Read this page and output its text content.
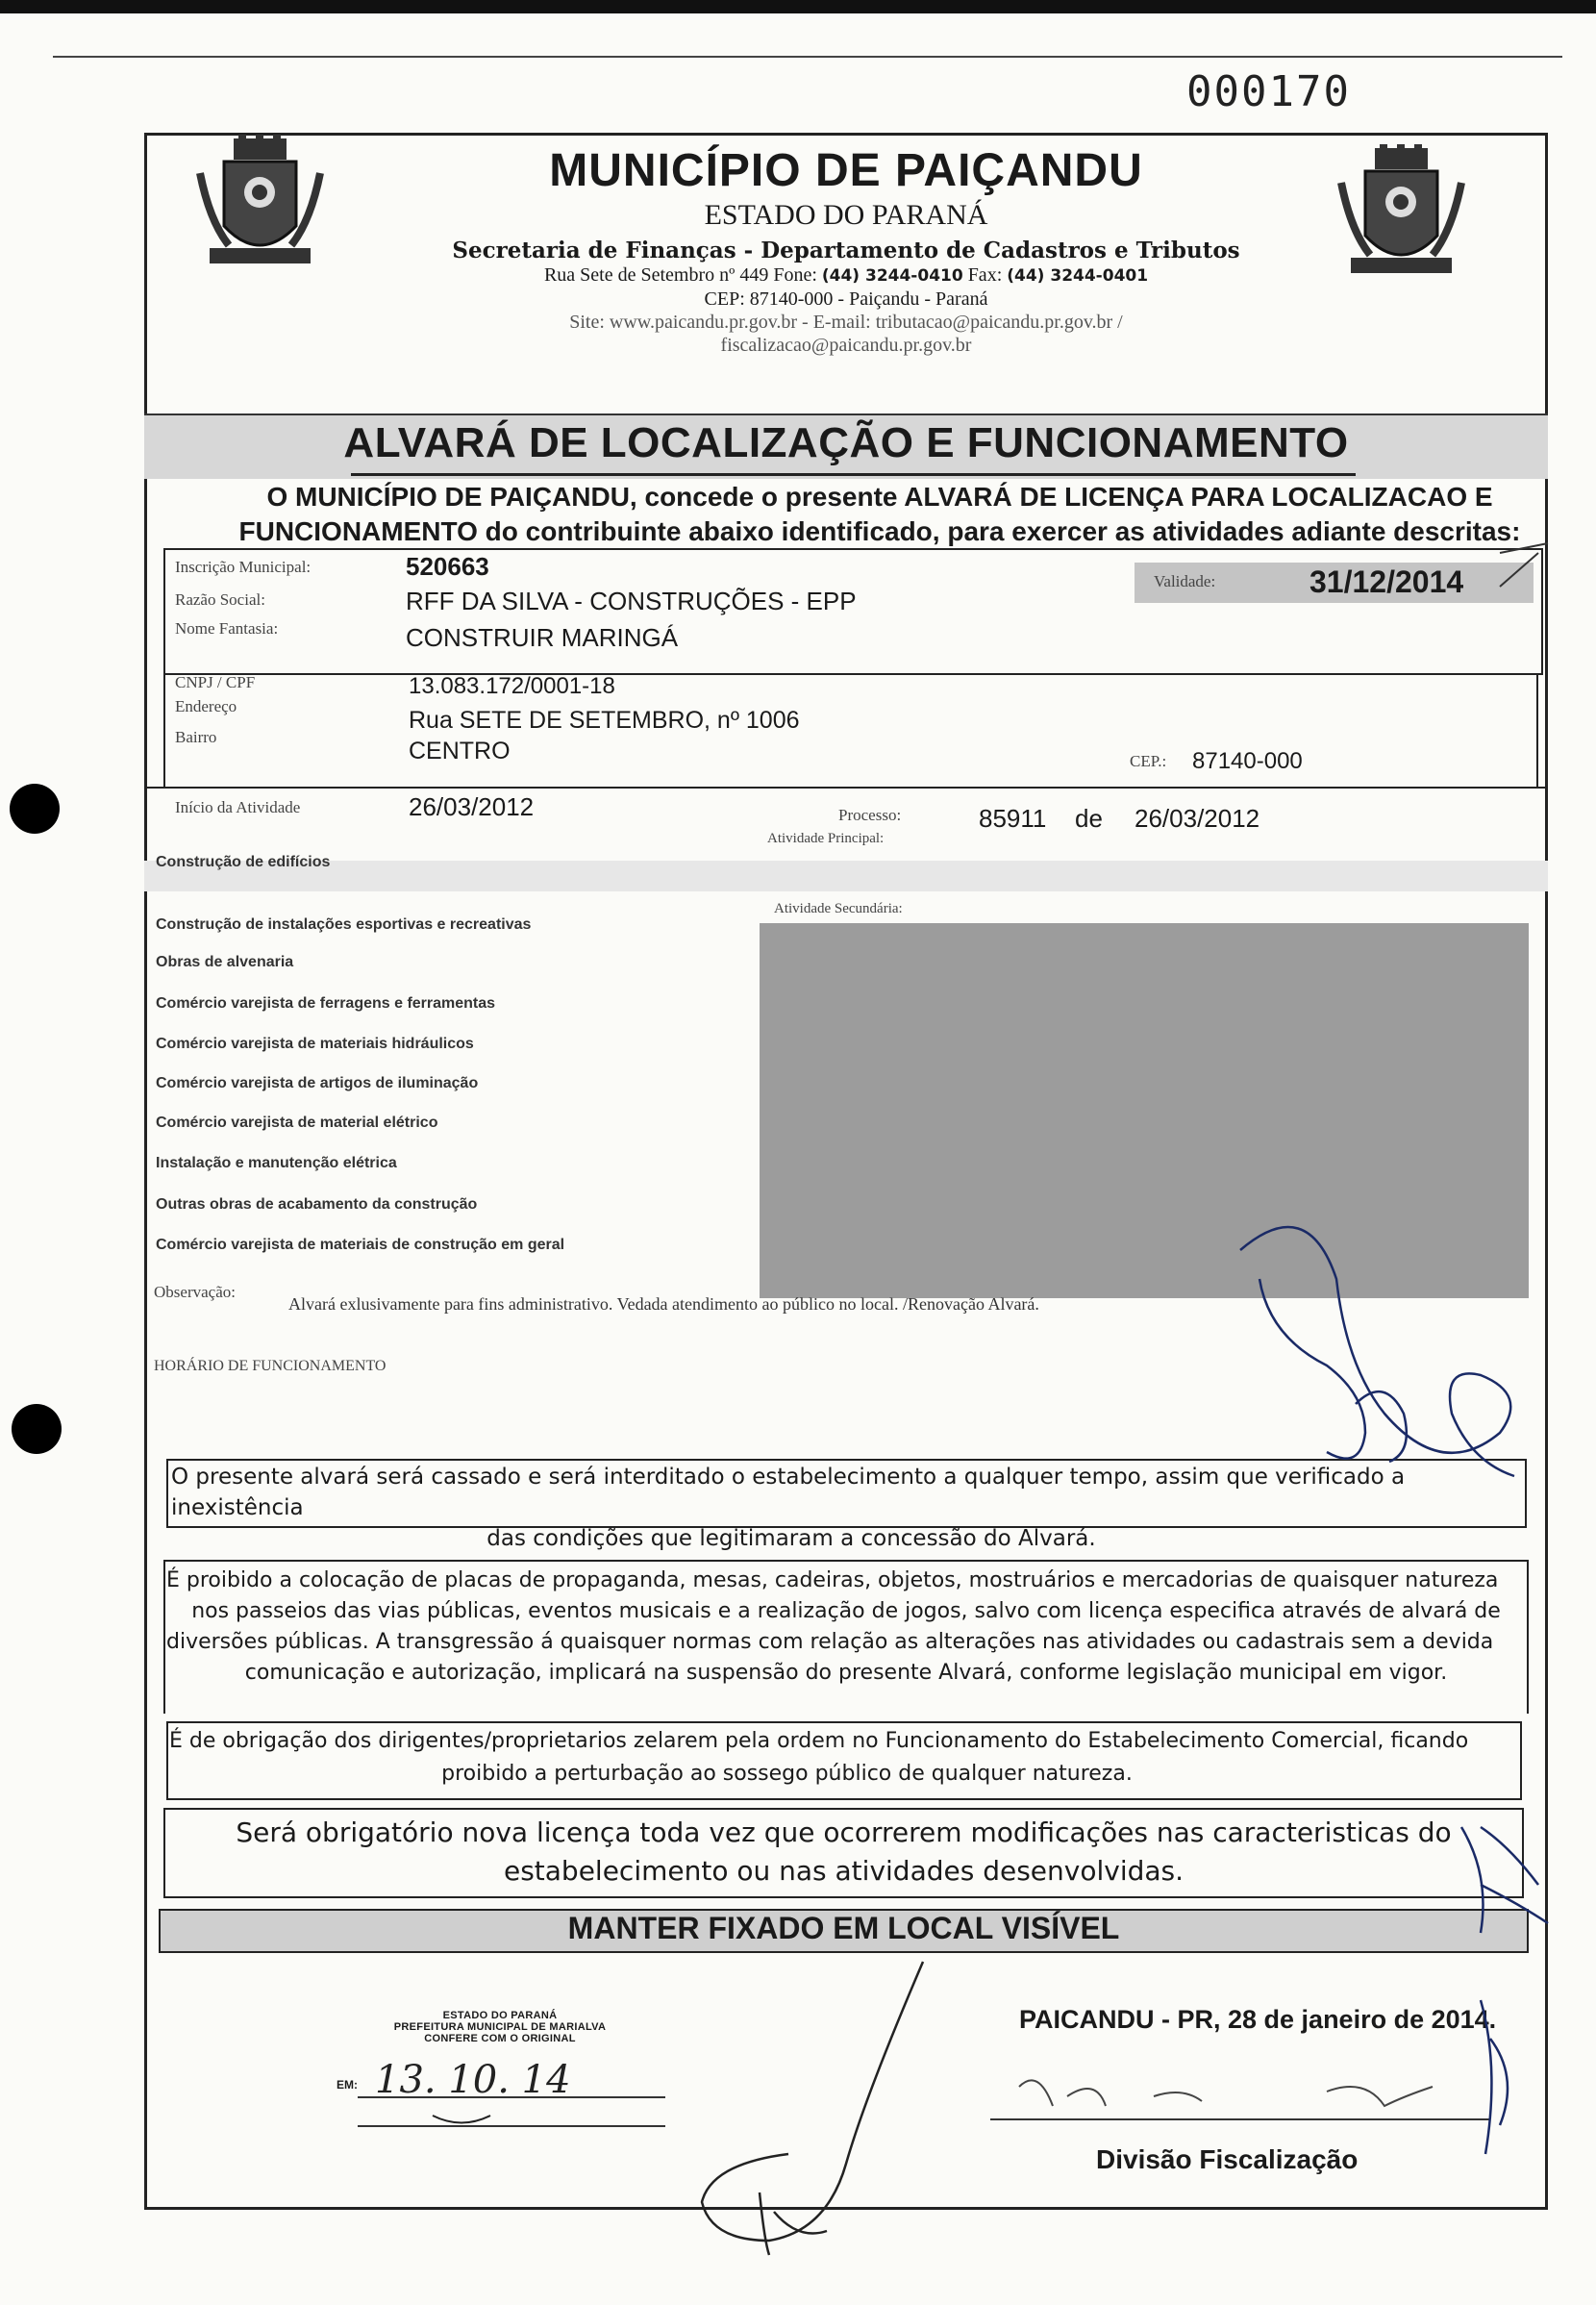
000170
MUNICÍPIO DE PAIÇANDU
ESTADO DO PARANÁ
Secretaria de Finanças - Departamento de Cadastros e Tributos
Rua Sete de Setembro nº 449 Fone: (44) 3244-0410 Fax: (44) 3244-0401
CEP: 87140-000 - Paiçandu - Paraná
Site: www.paicandu.pr.gov.br - E-mail: tributacao@paicandu.pr.gov.br /
fiscalizacao@paicandu.pr.gov.br
ALVARÁ DE LOCALIZAÇÃO E FUNCIONAMENTO
O MUNICÍPIO DE PAIÇANDU, concede o presente ALVARÁ DE LICENÇA PARA LOCALIZACAO E
FUNCIONAMENTO do contribuinte abaixo identificado, para exercer as atividades adiante descritas:
Inscrição Municipal:	520663
Razão Social:	RFF DA SILVA - CONSTRUÇÕES - EPP
Nome Fantasia:	CONSTRUIR MARINGÁ
Validade:	31/12/2014
CNPJ / CPF	13.083.172/0001-18
Endereço
Rua SETE DE SETEMBRO, nº 1006
Bairro
CENTRO	CEP.: 87140-000
Início da Atividade	26/03/2012	Processo:	85911 de 26/03/2012
Atividade Principal:
Construção de edifícios
Atividade Secundária:
Construção de instalações esportivas e recreativas
Obras de alvenaria
Comércio varejista de ferragens e ferramentas
Comércio varejista de materiais hidráulicos
Comércio varejista de artigos de iluminação
Comércio varejista de material elétrico
Instalação e manutenção elétrica
Outras obras de acabamento da construção
Comércio varejista de materiais de construção em geral
Observação:
Alvará exlusivamente para fins administrativo. Vedada atendimento ao público no local. /Renovação Alvará.
HORÁRIO DE FUNCIONAMENTO
O presente alvará será cassado e será interditado o estabelecimento a qualquer tempo, assim que verificado a inexistência
das condições que legitimaram a concessão do Alvará.
É proibido a colocação de placas de propaganda, mesas, cadeiras, objetos, mostruários e mercadorias de quaisquer natureza
nos passeios das vias públicas, eventos musicais e a realização de jogos, salvo com licença especifica através de alvará de
diversões públicas. A transgressão á quaisquer normas com relação as alterações nas atividades ou cadastrais sem a devida
comunicação e autorização, implicará na suspensão do presente Alvará, conforme legislação municipal em vigor.
É de obrigação dos dirigentes/proprietarios zelarem pela ordem no Funcionamento do Estabelecimento Comercial, ficando
proibido a perturbação ao sossego público de qualquer natureza.
Será obrigatório nova licença toda vez que ocorrerem modificações nas caracteristicas do
estabelecimento ou nas atividades desenvolvidas.
MANTER FIXADO EM LOCAL VISÍVEL
ESTADO DO PARANÁ
PREFEITURA MUNICIPAL DE MARIALVA
CONFERE COM O ORIGINAL
EM: 13. 10. 14
PAICANDU - PR, 28 de janeiro de 2014.
Divisão Fiscalização
